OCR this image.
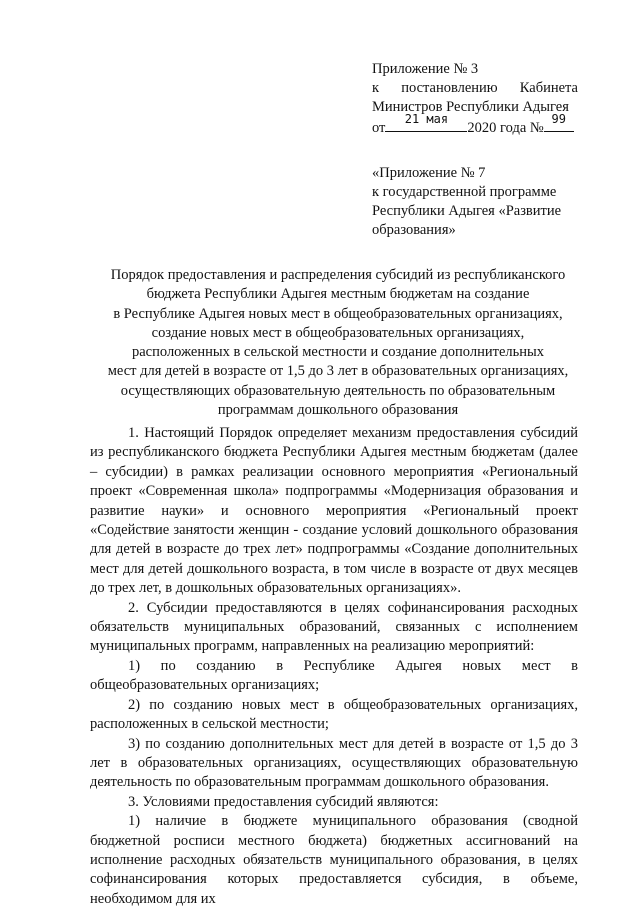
Приложение № 3
к постановлению Кабинета
Министров Республики Адыгея
от
21 мая
2020 года №
99
«Приложение № 7
к государственной программе
Республики Адыгея «Развитие
образования»
Порядок предоставления и распределения субсидий из республиканского
бюджета Республики Адыгея местным бюджетам на создание
в Республике Адыгея новых мест в общеобразовательных организациях,
создание новых мест в общеобразовательных организациях,
расположенных в сельской местности и создание дополнительных
мест для детей в возрасте от 1,5 до 3 лет в образовательных организациях,
осуществляющих образовательную деятельность по образовательным
программам дошкольного образования

1. Настоящий Порядок определяет механизм предоставления субсидий из республиканского бюджета Республики Адыгея местным бюджетам (далее – субсидии) в рамках реализации основного мероприятия «Региональный проект «Современная школа» подпрограммы «Модернизация образования и развитие науки» и основного мероприятия «Региональный проект «Содействие занятости женщин - создание условий дошкольного образования для детей в возрасте до трех лет» подпрограммы «Создание дополнительных мест для детей дошкольного возраста, в том числе в возрасте от двух месяцев до трех лет, в дошкольных образовательных организациях».

2. Субсидии предоставляются в целях софинансирования расходных обязательств муниципальных образований, связанных с исполнением муниципальных программ, направленных на реализацию мероприятий:

1) по созданию в Республике Адыгея новых мест в общеобразовательных организациях;

2) по созданию новых мест в общеобразовательных организациях, расположенных в сельской местности;

3) по созданию дополнительных мест для детей в возрасте от 1,5 до 3 лет в образовательных организациях, осуществляющих образовательную деятельность по образовательным программам дошкольного образования.

3. Условиями предоставления субсидий являются:

1) наличие в бюджете муниципального образования (сводной бюджетной росписи местного бюджета) бюджетных ассигнований на исполнение расходных обязательств муниципального образования, в целях софинансирования которых предоставляется субсидия, в объеме, необходимом для их
